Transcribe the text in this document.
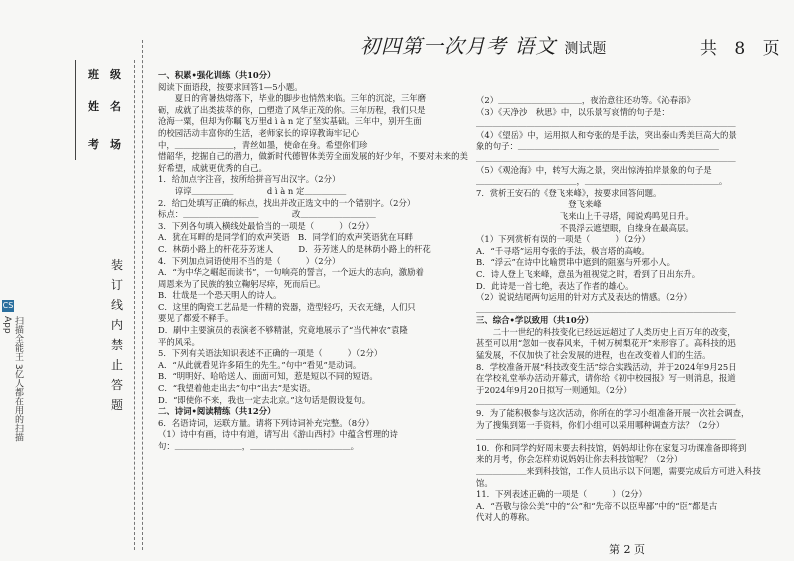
初四第一次月考 语文 测试题	共 8 页
班　级
姓　名
考　场
装
订
线
内
禁
止
答
题
CS
扫描全能王 3亿人都在用的扫描App

一、积累•强化训练（共10分）

阅读下面语段，按要求回答1—5小题。

　　夏日的宵暑热熔落下，毕业的脚步也悄然来临。三年的沉淀，三年磨

砺，成就了出类拔萃的你，□塑造了风华正茂的你。三年历程，我们只是

沧海一粟，但却为你瞩飞万里d ì à n 定了坚实基础。三年中，别开生面

的校园活动丰富你的生活，老师家长的谆谆教诲牢记心

中，＿＿＿＿＿＿＿，青丝如墨，使命在身。希望你们珍

惜韶华，挖掘自己的潜力，做新时代德智体美劳全面发展的好少年，不要对未来的美

好希望，成就更优秀的自己。

1．给加点字注音，按所给拼音写出汉字。（2分）

　　谆谆＿＿＿＿＿　　　　d ì à n 定＿＿＿＿＿

2．给□处填写正确的标点，找出并改正选文中的一个错别字。（2分）

标点：＿＿＿＿＿＿＿＿＿　　　　改＿＿＿＿＿＿＿＿＿

3．下列各句填入横线处最恰当的一项是（　　　）（2分）

A．犹在耳畔的是同学们的欢声笑语　B．同学们的欢声笑语犹在耳畔

C．林荫小路上的杆花芬芳迷人　　　D．芬芳迷人的是林荫小路上的杆花

4．下列加点词语使用不当的是（　　　）（2分）

A．“为中华之崛起而读书”，一句响亮的誓言，一个远大的志向，激励着

周恩来为了民族的独立鞠躬尽瘁，死而后已。

B．壮哉是一个恐天明人的诗人。

C．这里的陶瓷工艺品是一件精的瓷器，造型轻巧，天衣无缝，人们只

要见了都爱不释手。

D．刷中主要演员的表演老不够精湛，究竟地展示了“当代神农”袁隆

平的风采。

5．下列有关语法知识表述不正确的一项是（　　　）（2分）

A．“从此就看见许多陌生的先生。”句中“看见”是动词。

B．“明明好、哈哈送人、面面可知，惹是短以不同的短语。

C．“我望着他走出去”句中“出去”是实语。

D．“即使你不来，我也一定去北京。”这句话是假设复句。

二、诗词•阅读精练（共12分）

6．名语诗词，运联方量。请将下列诗词补充完整。（8分）

（1）诗中有画，诗中有道，请写出《游山西村》中蕴含哲理的诗

句：＿＿＿＿＿＿＿＿，＿＿＿＿＿＿＿＿＿＿＿＿。

（2）＿＿＿＿＿＿＿＿＿＿，夜治意往还功等。《沁春添》

（3）《天净沙　秋思》中，以乐景写哀情的句子是：

＿＿＿＿＿＿＿＿＿＿＿＿＿＿＿＿＿＿＿＿＿＿＿＿＿＿＿＿＿＿＿

（4）《望岳》中，运用拟人和夸张的是手法，突出泰山秀美巨高大的景

象的句子：＿＿＿＿＿＿＿＿＿＿＿＿＿＿＿＿＿＿＿＿＿＿＿＿

＿＿＿＿＿＿＿＿＿＿＿＿＿＿＿＿＿＿＿＿＿＿＿＿＿＿＿＿＿＿＿

（5）《观沧海》中，转写大海之景，突出惊涛拍岸景象的句子是

＿＿＿＿＿＿＿＿＿＿＿＿，＿＿＿＿＿＿＿＿＿＿＿＿＿＿＿＿。

7．赏析王安石的《登飞来峰》，按要求回答问题。

　　　　　　　　　　　登飞来峰

　　　　　　　　　　飞来山上千寻塔，闻说鸡鸣见日升。

　　　　　　　　　　不畏浮云遮望眼，自缘身在最高层。

（1）下列赏析有误的一项是（　　　）（2分）

A．“千寻塔”运用夸张的手法，极言塔的高峻。

B．“浮云”在诗中比喻贯串中遮到的阻塞与歼邪小人。

C．诗人登上飞来峰，意虽为祖视觉之时，看到了日出东升。

D．此诗是一首七绝，表达了作者的雄心。

（2）说说结尾两句运用的针对方式及表达的情感。（2分）

＿＿＿＿＿＿＿＿＿＿＿＿＿＿＿＿＿＿＿＿＿＿＿＿＿＿＿＿＿＿＿

三、综合•学以致用（共10分）

　　二十一世纪的科技变化已经远远超过了人类历史上百万年的改变，

甚至可以用“忽如一夜春风来，千树万树梨花开”来形容了。高科技的迅

猛发展，不仅加快了社会发展的进程，也在改变着人们的生活。

8．学校准备开展“科技改变生活”综合实践活动，并于2024年9月25日

在学校礼堂举办活动开幕式，请你给《初中校园报》写一则消息，报道

于2024年9月20日拟写一则通知。（2分）

＿＿＿＿＿＿＿＿＿＿＿＿＿＿＿＿＿＿＿＿＿＿＿＿＿＿＿＿＿＿＿

9．为了能积极参与这次活动，你所在的学习小组准备开展一次社会调查，

为了搜集到第一手资料，你们小组可以采用哪种调查方法？（2分）

＿＿＿＿＿＿＿＿＿＿＿＿＿＿＿＿＿＿＿＿＿＿＿＿＿＿＿＿＿＿＿

10．你和同学约好周末要去科技馆，妈妈却让你在家复习功课准备即将到

来的月考，你会怎样劝说妈妈让你去科技馆呢？（2分）

＿＿＿＿＿＿来到科技馆，工作人员出示以下问题，需要完成后方可进入科技

馆。

11．下列表述正确的一项是（　　　）（2分）

A．“吾敬与徐公美”中的“公”和“先帝不以臣卑鄙”中的“臣”都是古

代对人的尊称。

第 2 页
